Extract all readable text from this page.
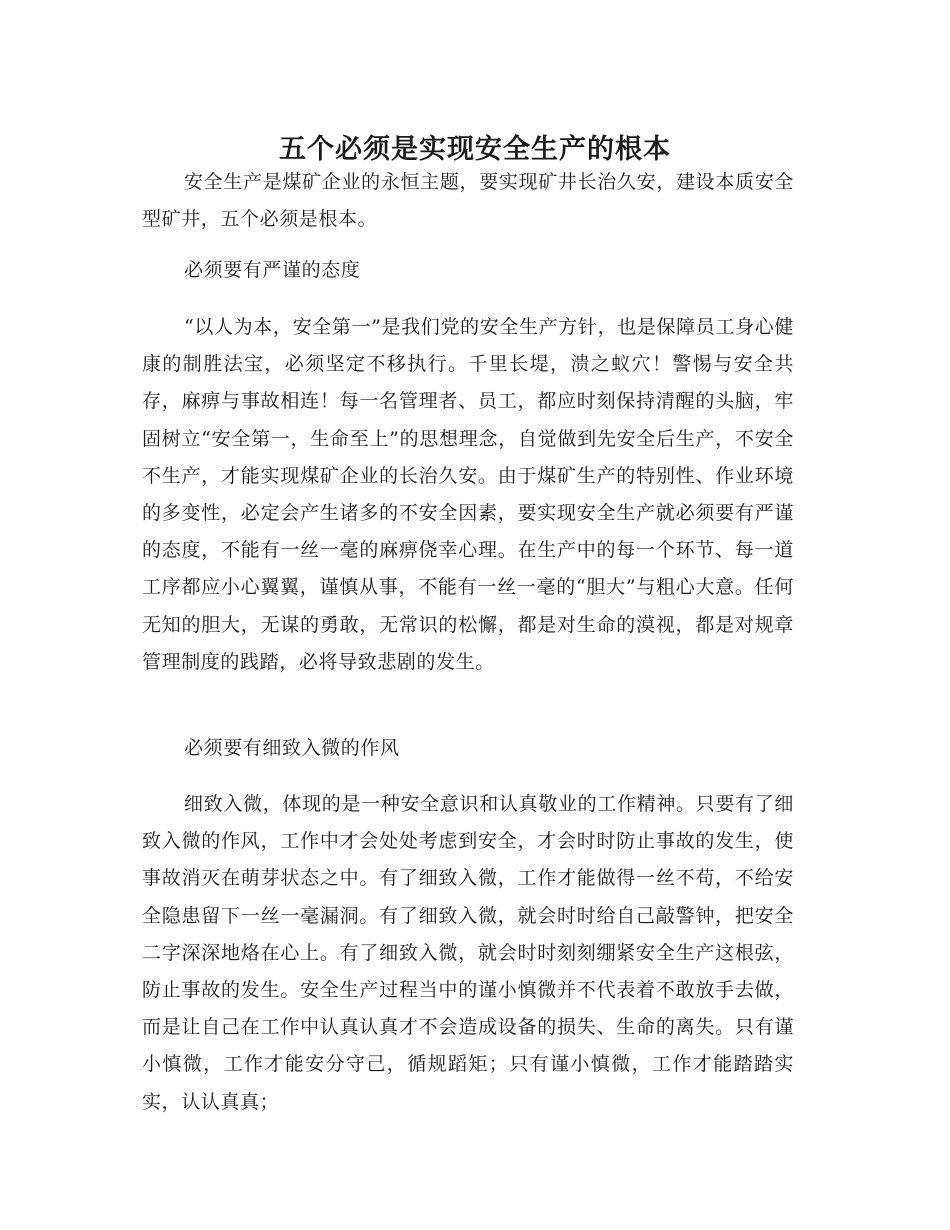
五个必须是实现安全生产的根本

安全生产是煤矿企业的永恒主题，要实现矿井长治久安，建设本质安全型矿井，五个必须是根本。

必须要有严谨的态度

“以人为本，安全第一”是我们党的安全生产方针，也是保障员工身心健康的制胜法宝，必须坚定不移执行。千里长堤，溃之蚁穴！警惕与安全共存，麻痹与事故相连！每一名管理者、员工，都应时刻保持清醒的头脑，牢固树立“安全第一，生命至上”的思想理念，自觉做到先安全后生产，不安全不生产，才能实现煤矿企业的长治久安。由于煤矿生产的特别性、作业环境的多变性，必定会产生诸多的不安全因素，要实现安全生产就必须要有严谨的态度，不能有一丝一毫的麻痹侥幸心理。在生产中的每一个环节、每一道工序都应小心翼翼，谨慎从事，不能有一丝一毫的“胆大”与粗心大意。任何无知的胆大，无谋的勇敢，无常识的松懈，都是对生命的漠视，都是对规章管理制度的践踏，必将导致悲剧的发生。

必须要有细致入微的作风

细致入微，体现的是一种安全意识和认真敬业的工作精神。只要有了细致入微的作风，工作中才会处处考虑到安全，才会时时防止事故的发生，使事故消灭在萌芽状态之中。有了细致入微，工作才能做得一丝不苟，不给安全隐患留下一丝一毫漏洞。有了细致入微，就会时时给自己敲警钟，把安全二字深深地烙在心上。有了细致入微，就会时时刻刻绷紧安全生产这根弦，防止事故的发生。安全生产过程当中的谨小慎微并不代表着不敢放手去做，而是让自己在工作中认真认真才不会造成设备的损失、生命的离失。只有谨小慎微，工作才能安分守己，循规蹈矩；只有谨小慎微，工作才能踏踏实实，认认真真；
